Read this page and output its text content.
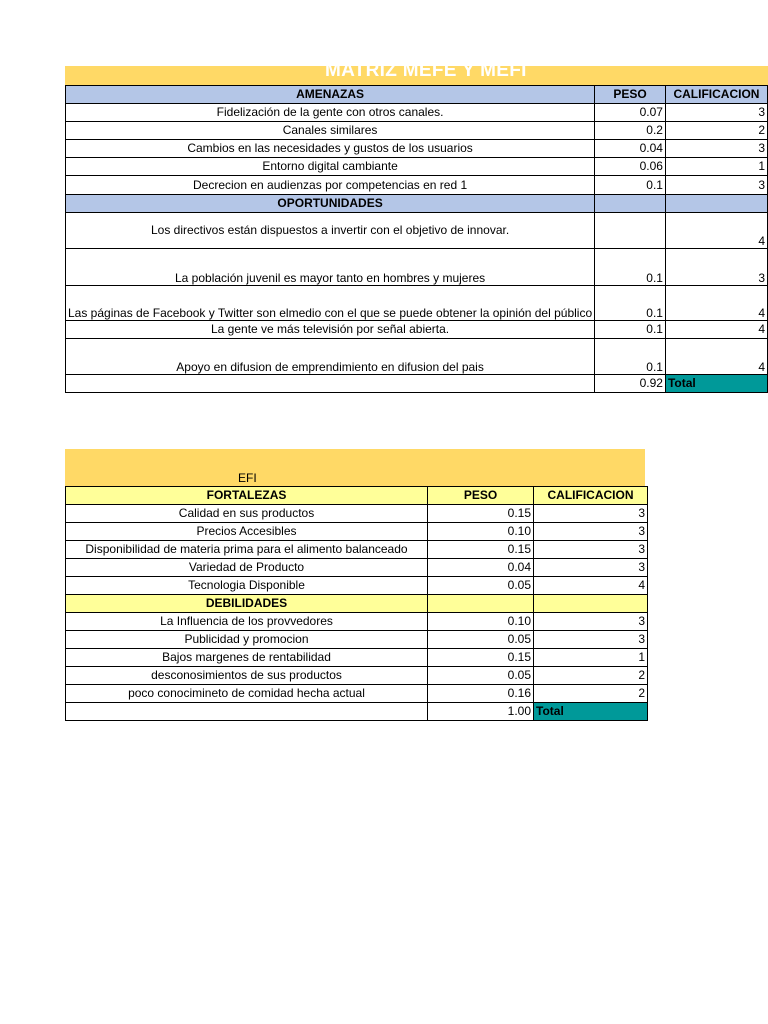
MATRIZ MEFE Y MEFI
AMENAZAS	PESO	CALIFICACION
Fidelización de la gente con otros canales.	0.07	3
Canales similares	0.2	2
Cambios en las necesidades y gustos de los usuarios	0.04	3
Entorno digital cambiante	0.06	1
Decrecion en audienzas por competencias en red 1	0.1	3
OPORTUNIDADES		
Los directivos están dispuestos a invertir con el objetivo de innovar.		4
La población juvenil es mayor tanto en hombres y mujeres	0.1	3
Las páginas de Facebook y Twitter son elmedio con el que se puede obtener la opinión del público	0.1	4
La gente ve más televisión por señal abierta.	0.1	4
Apoyo en difusion de emprendimiento en difusion del pais	0.1	4
	0.92	Total
EFI
FORTALEZAS	PESO	CALIFICACION
Calidad en sus productos	0.15	3
Precios Accesibles	0.10	3
Disponibilidad de materia prima para el alimento balanceado	0.15	3
Variedad de Producto	0.04	3
Tecnologia Disponible	0.05	4
DEBILIDADES		
La Influencia de los provvedores	0.10	3
Publicidad y promocion	0.05	3
Bajos margenes de rentabilidad	0.15	1
desconosimientos de sus productos	0.05	2
poco conocimineto de comidad hecha actual	0.16	2
	1.00	Total
